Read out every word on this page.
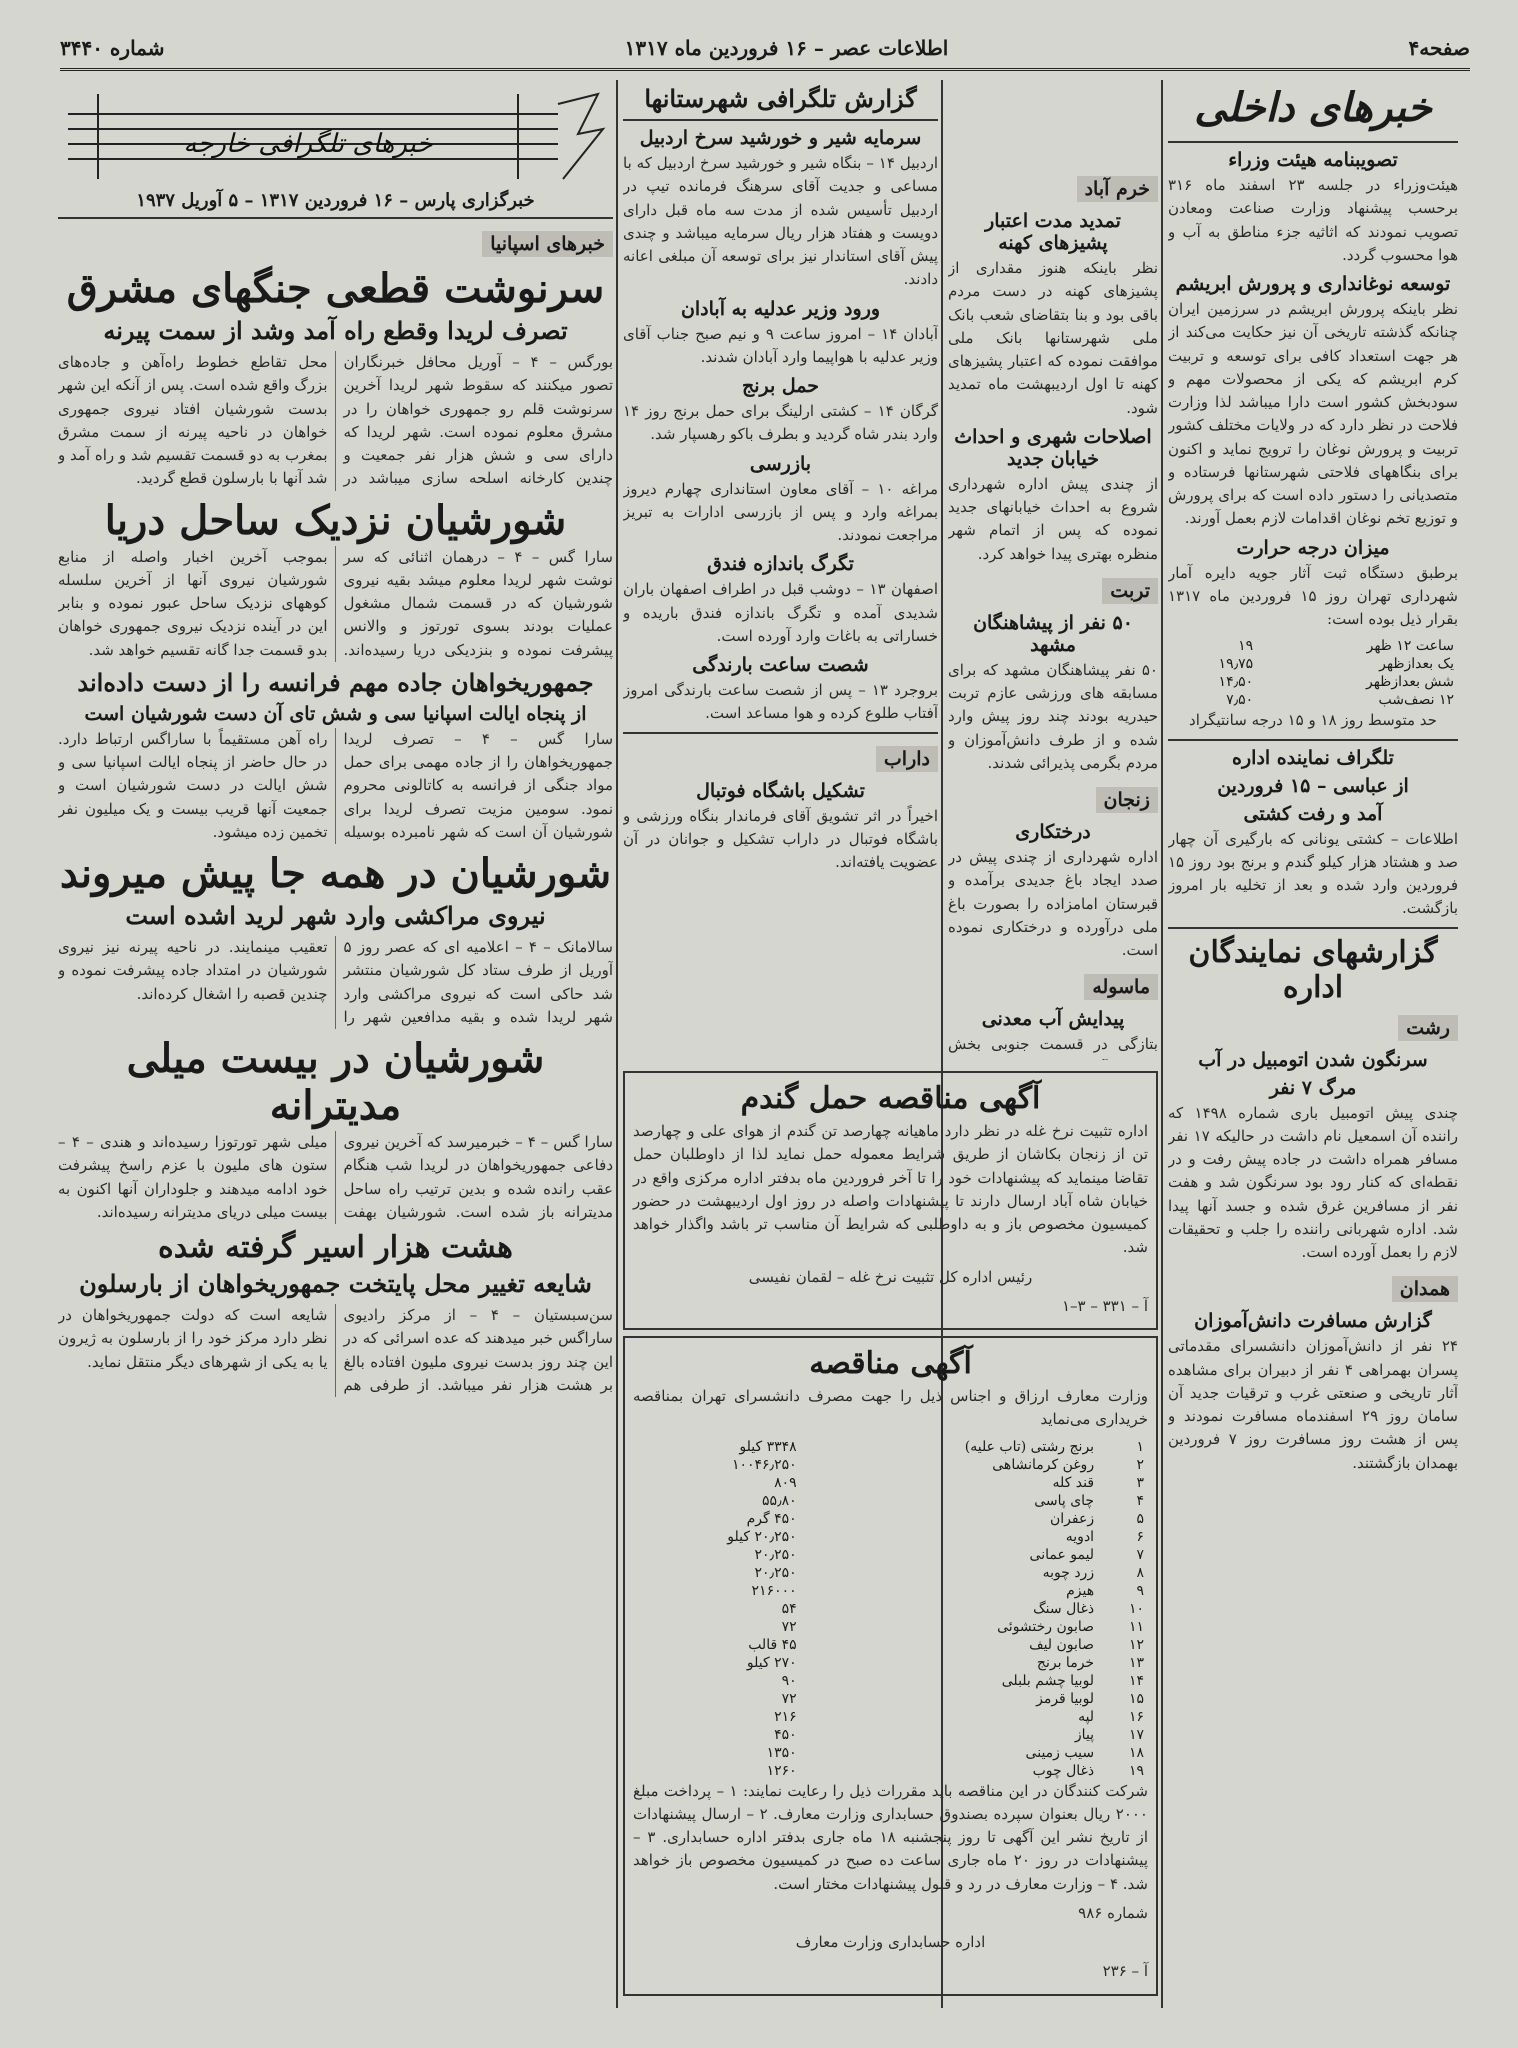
صفحه۴
اطلاعات عصر – ۱۶ فروردین ماه ۱۳۱۷
شماره ۳۴۴۰
خبرهای داخلی
تصویبنامه هیئت وزراء

هیئت‌وزراء در جلسه ۲۳ اسفند ماه ۳۱۶ برحسب پیشنهاد وزارت صناعت ومعادن تصویب نمودند که اثاثیه جزء مناطق به آب و هوا محسوب گردد.

توسعه نوغانداری و پرورش ابریشم

نظر باینکه پرورش ابریشم در سرزمین ایران چنانکه گذشته تاریخی آن نیز حکایت می‌کند از هر جهت استعداد کافی برای توسعه و تربیت کرم ابریشم که یکی از محصولات مهم و سودبخش کشور است دارا میباشد لذا وزارت فلاحت در نظر دارد که در ولایات مختلف کشور تربیت و پرورش نوغان را ترویج نماید و اکنون برای بنگاههای فلاحتی شهرستانها فرستاده و متصدیانی را دستور داده است که برای پرورش و توزیع تخم نوغان اقدامات لازم بعمل آورند.

میزان درجه حرارت

برطبق دستگاه ثبت آثار جویه دایره آمار شهرداری تهران روز ۱۵ فروردین ماه ۱۳۱۷ بقرار ذیل بوده است:

ساعت ۱۲ ظهر	۱۹
یک بعدازظهر	۱۹٫۷۵
شش بعدازظهر	۱۴٫۵۰
۱۲ نصف‌شب	۷٫۵۰

حد متوسط روز ۱۸ و ۱۵ درجه سانتیگراد

تلگراف نماینده اداره
از عباسی – ۱۵ فروردین
آمد و رفت کشتی

اطلاعات – کشتی یونانی که بارگیری آن چهار صد و هشتاد هزار کیلو گندم و برنج بود روز ۱۵ فروردین وارد شده و بعد از تخلیه بار امروز بازگشت.

گزارشهای نمایندگان اداره
رشت
سرنگون شدن اتومبیل در آب
مرگ ۷ نفر

چندی پیش اتومبیل باری شماره ۱۴۹۸ که راننده آن اسمعیل نام داشت در حالیکه ۱۷ نفر مسافر همراه داشت در جاده پیش رفت و در نقطه‌ای که کنار رود بود سرنگون شد و هفت نفر از مسافرین غرق شده و جسد آنها پیدا شد. اداره شهربانی راننده را جلب و تحقیقات لازم را بعمل آورده است.

همدان
گزارش مسافرت دانش‌آموزان

۲۴ نفر از دانش‌آموزان دانشسرای مقدماتی پسران بهمراهی ۴ نفر از دبیران برای مشاهده آثار تاریخی و صنعتی غرب و ترقیات جدید آن سامان روز ۲۹ اسفندماه مسافرت نمودند و پس از هشت روز مسافرت روز ۷ فروردین بهمدان بازگشتند.

خرم آباد
تمدید مدت اعتبار پشیزهای کهنه

نظر باینکه هنوز مقداری از پشیزهای کهنه در دست مردم باقی بود و بنا بتقاضای شعب بانک ملی شهرستانها بانک ملی موافقت نموده که اعتبار پشیزهای کهنه تا اول اردیبهشت ماه تمدید شود.

اصلاحات شهری و احداث خیابان جدید

از چندی پیش اداره شهرداری شروع به احداث خیابانهای جدید نموده که پس از اتمام شهر منظره بهتری پیدا خواهد کرد.

تربت
۵۰ نفر از پیشاهنگان مشهد

۵۰ نفر پیشاهنگان مشهد که برای مسابقه های ورزشی عازم تربت حیدریه بودند چند روز پیش وارد شده و از طرف دانش‌آموزان و مردم بگرمی پذیرائی شدند.

زنجان
درختکاری

اداره شهرداری از چندی پیش در صدد ایجاد باغ جدیدی برآمده و قبرستان امامزاده را بصورت باغ ملی درآورده و درختکاری نموده است.

ماسوله
پیدایش آب معدنی

بتازگی در قسمت جنوبی بخش

گزارش تلگرافی شهرستانها
سرمایه شیر و خورشید سرخ اردبیل

اردبیل ۱۴ – بنگاه شیر و خورشید سرخ اردبیل که با مساعی و جدیت آقای سرهنگ فرمانده تیپ در اردبیل تأسیس شده از مدت سه ماه قبل دارای دویست و هفتاد هزار ریال سرمایه میباشد و چندی پیش آقای استاندار نیز برای توسعه آن مبلغی اعانه دادند.

ورود وزیر عدلیه به آبادان

آبادان ۱۴ – امروز ساعت ۹ و نیم صبح جناب آقای وزیر عدلیه با هواپیما وارد آبادان شدند.

حمل برنج

گرگان ۱۴ – کشتی ارلینگ برای حمل برنج روز ۱۴ وارد بندر شاه گردید و بطرف باکو رهسپار شد.

بازرسی

مراغه ۱۰ – آقای معاون استانداری چهارم دیروز بمراغه وارد و پس از بازرسی ادارات به تبریز مراجعت نمودند.

تگرگ باندازه فندق

اصفهان ۱۳ – دوشب قبل در اطراف اصفهان باران شدیدی آمده و تگرگ باندازه فندق باریده و خساراتی به باغات وارد آورده است.

شصت ساعت بارندگی

بروجرد ۱۳ – پس از شصت ساعت بارندگی امروز آفتاب طلوع کرده و هوا مساعد است.

داراب
تشکیل باشگاه فوتبال

اخیراً در اثر تشویق آقای فرماندار بنگاه ورزشی و باشگاه فوتبال در داراب تشکیل و جوانان در آن عضویت یافته‌اند.

آگهی مناقصه حمل گندم

اداره تثبیت نرخ غله در نظر دارد ماهیانه چهارصد تن گندم از هوای علی و چهارصد تن از زنجان بکاشان از طریق شرایط معموله حمل نماید لذا از داوطلبان حمل تقاضا مینماید که پیشنهادات خود را تا آخر فروردین ماه بدفتر اداره مرکزی واقع در خیابان شاه آباد ارسال دارند تا پیشنهادات واصله در روز اول اردیبهشت در حضور کمیسیون مخصوص باز و به داوطلبی که شرایط آن مناسب تر باشد واگذار خواهد شد.

رئیس اداره کل تثبیت نرخ غله – لقمان نفیسی

آ – ۳۳۱ – ۳–۱

آگهی مناقصه

وزارت معارف ارزاق و اجناس ذیل را جهت مصرف دانشسرای تهران بمناقصه خریداری می‌نماید

۱	برنج رشتی (تاب علیه)	۳۳۴۸ کیلو
۲	روغن کرمانشاهی	۱۰۰۴۶٫۲۵۰
۳	قند کله	۸۰۹
۴	چای پاسی	۵۵٫۸۰
۵	زعفران	۴۵۰ گرم
۶	ادویه	۲۰٫۲۵۰ کیلو
۷	لیمو عمانی	۲۰٫۲۵۰
۸	زرد چوبه	۲۰٫۲۵۰
۹	هیزم	۲۱۶۰۰۰
۱۰	ذغال سنگ	۵۴
۱۱	صابون رختشوئی	۷۲
۱۲	صابون لیف	۴۵ قالب
۱۳	خرما برنج	۲۷۰ کیلو
۱۴	لوبیا چشم بلبلی	۹۰
۱۵	لوبیا قرمز	۷۲
۱۶	لپه	۲۱۶
۱۷	پیاز	۴۵۰
۱۸	سیب زمینی	۱۳۵۰
۱۹	ذغال چوب	۱۲۶۰

شرکت کنندگان در این مناقصه باید مقررات ذیل را رعایت نمایند: ۱ – پرداخت مبلغ ۲۰۰۰ ریال بعنوان سپرده بصندوق حسابداری وزارت معارف. ۲ – ارسال پیشنهادات از تاریخ نشر این آگهی تا روز پنجشنبه ۱۸ ماه جاری بدفتر اداره حسابداری. ۳ – پیشنهادات در روز ۲۰ ماه جاری ساعت ده صبح در کمیسیون مخصوص باز خواهد شد. ۴ – وزارت معارف در رد و قبول پیشنهادات مختار است.

شماره ۹۸۶

اداره حسابداری وزارت معارف

آ – ۲۳۶

خبرهای تلگرافی خارجه
خبرگزاری پارس – ۱۶ فروردین ۱۳۱۷ – ۵ آوریل ۱۹۳۷
خبرهای اسپانیا
سرنوشت قطعی جنگهای مشرق
تصرف لریدا وقطع راه آمد وشد از سمت پیرنه

بورگس – ۴ – آوریل محافل خبرنگاران تصور میکنند که سقوط شهر لریدا آخرین سرنوشت قلم رو جمهوری خواهان را در مشرق معلوم نموده است. شهر لریدا که دارای سی و شش هزار نفر جمعیت و چندین کارخانه اسلحه سازی میباشد در محل تقاطع خطوط راه‌آهن و جاده‌های بزرگ واقع شده است. پس از آنکه این شهر بدست شورشیان افتاد نیروی جمهوری خواهان در ناحیه پیرنه از سمت مشرق بمغرب به دو قسمت تقسیم شد و راه آمد و شد آنها با بارسلون قطع گردید.

شورشیان نزدیک ساحل دریا

سارا گس – ۴ – درهمان اثنائی که سر نوشت شهر لریدا معلوم میشد بقیه نیروی شورشیان که در قسمت شمال مشغول عملیات بودند بسوی تورتوز و والانس پیشرفت نموده و بنزدیکی دریا رسیده‌اند. بموجب آخرین اخبار واصله از منابع شورشیان نیروی آنها از آخرین سلسله کوههای نزدیک ساحل عبور نموده و بنابر این در آینده نزدیک نیروی جمهوری خواهان بدو قسمت جدا گانه تقسیم خواهد شد.

جمهوریخواهان جاده مهم فرانسه را از دست داده‌اند
از پنجاه ایالت اسپانیا سی و شش تای آن دست شورشیان است

سارا گس – ۴ – تصرف لریدا جمهوریخواهان را از جاده مهمی برای حمل مواد جنگی از فرانسه به کاتالونی محروم نمود. سومین مزیت تصرف لریدا برای شورشیان آن است که شهر نامبرده بوسیله راه آهن مستقیماً با ساراگس ارتباط دارد. در حال حاضر از پنجاه ایالت اسپانیا سی و شش ایالت در دست شورشیان است و جمعیت آنها قریب بیست و یک میلیون نفر تخمین زده میشود.

شورشیان در همه جا پیش میروند
نیروی مراکشی وارد شهر لرید اشده است

سالامانک – ۴ – اعلامیه ای که عصر روز ۵ آوریل از طرف ستاد کل شورشیان منتشر شد حاکی است که نیروی مراکشی وارد شهر لریدا شده و بقیه مدافعین شهر را تعقیب مینمایند. در ناحیه پیرنه نیز نیروی شورشیان در امتداد جاده پیشرفت نموده و چندین قصبه را اشغال کرده‌اند.

شورشیان در بیست میلی مدیترانه

سارا گس – ۴ – خبرمیرسد که آخرین نیروی دفاعی جمهوریخواهان در لریدا شب هنگام عقب رانده شده و بدین ترتیب راه ساحل مدیترانه باز شده است. شورشیان بهفت میلی شهر تورتوزا رسیده‌اند و هندی – ۴ – ستون های ملیون با عزم راسخ پیشرفت خود ادامه میدهند و جلوداران آنها اکنون به بیست میلی دریای مدیترانه رسیده‌اند.

هشت هزار اسیر گرفته شده
شایعه تغییر محل پایتخت جمهوریخواهان از بارسلون

سن‌سبستیان – ۴ – از مرکز رادیوی ساراگس خبر میدهند که عده اسرائی که در این چند روز بدست نیروی ملیون افتاده بالغ بر هشت هزار نفر میباشد. از طرفی هم شایعه است که دولت جمهوریخواهان در نظر دارد مرکز خود را از بارسلون به ژیرون یا به یکی از شهرهای دیگر منتقل نماید.
